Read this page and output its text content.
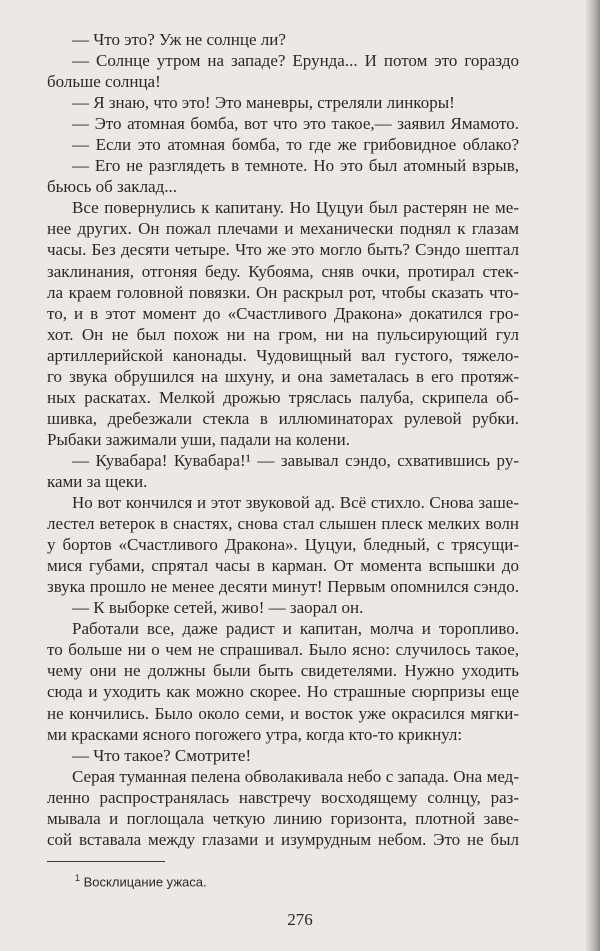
— Что это? Уж не солнце ли?
— Солнце утром на западе? Ерунда... И потом это гораздо
больше солнца!
— Я знаю, что это! Это маневры, стреляли линкоры!
— Это атомная бомба, вот что это такое,— заявил Ямамото.
— Если это атомная бомба, то где же грибовидное облако?
— Его не разглядеть в темноте. Но это был атомный взрыв,
бьюсь об заклад...
Все повернулись к капитану. Но Цуцуи был растерян не ме-
нее других. Он пожал плечами и механически поднял к глазам
часы. Без десяти четыре. Что же это могло быть? Сэндо шептал
заклинания, отгоняя беду. Кубояма, сняв очки, протирал стек-
ла краем головной повязки. Он раскрыл рот, чтобы сказать что-
то, и в этот момент до «Счастливого Дракона» докатился гро-
хот. Он не был похож ни на гром, ни на пульсирующий гул
артиллерийской канонады. Чудовищный вал густого, тяжело-
го звука обрушился на шхуну, и она заметалась в его протяж-
ных раскатах. Мелкой дрожью тряслась палуба, скрипела об-
шивка, дребезжали стекла в иллюминаторах рулевой рубки.
Рыбаки зажимали уши, падали на колени.
— Кувабара! Кувабара!¹ — завывал сэндо, схватившись ру-
ками за щеки.
Но вот кончился и этот звуковой ад. Всё стихло. Снова заше-
лестел ветерок в снастях, снова стал слышен плеск мелких волн
у бортов «Счастливого Дракона». Цуцуи, бледный, с трясущи-
мися губами, спрятал часы в карман. От момента вспышки до
звука прошло не менее десяти минут! Первым опомнился сэндо.
— К выборке сетей, живо! — заорал он.
Работали все, даже радист и капитан, молча и торопливо.
то больше ни о чем не спрашивал. Было ясно: случилось такое,
чему они не должны были быть свидетелями. Нужно уходить
сюда и уходить как можно скорее. Но страшные сюрпризы еще
не кончились. Было около семи, и восток уже окрасился мягки-
ми красками ясного погожего утра, когда кто-то крикнул:
— Что такое? Смотрите!
Серая туманная пелена обволакивала небо с запада. Она мед-
ленно распространялась навстречу восходящему солнцу, раз-
мывала и поглощала четкую линию горизонта, плотной заве-
сой вставала между глазами и изумрудным небом. Это не был
$^1$ Восклицание ужаса.
276
